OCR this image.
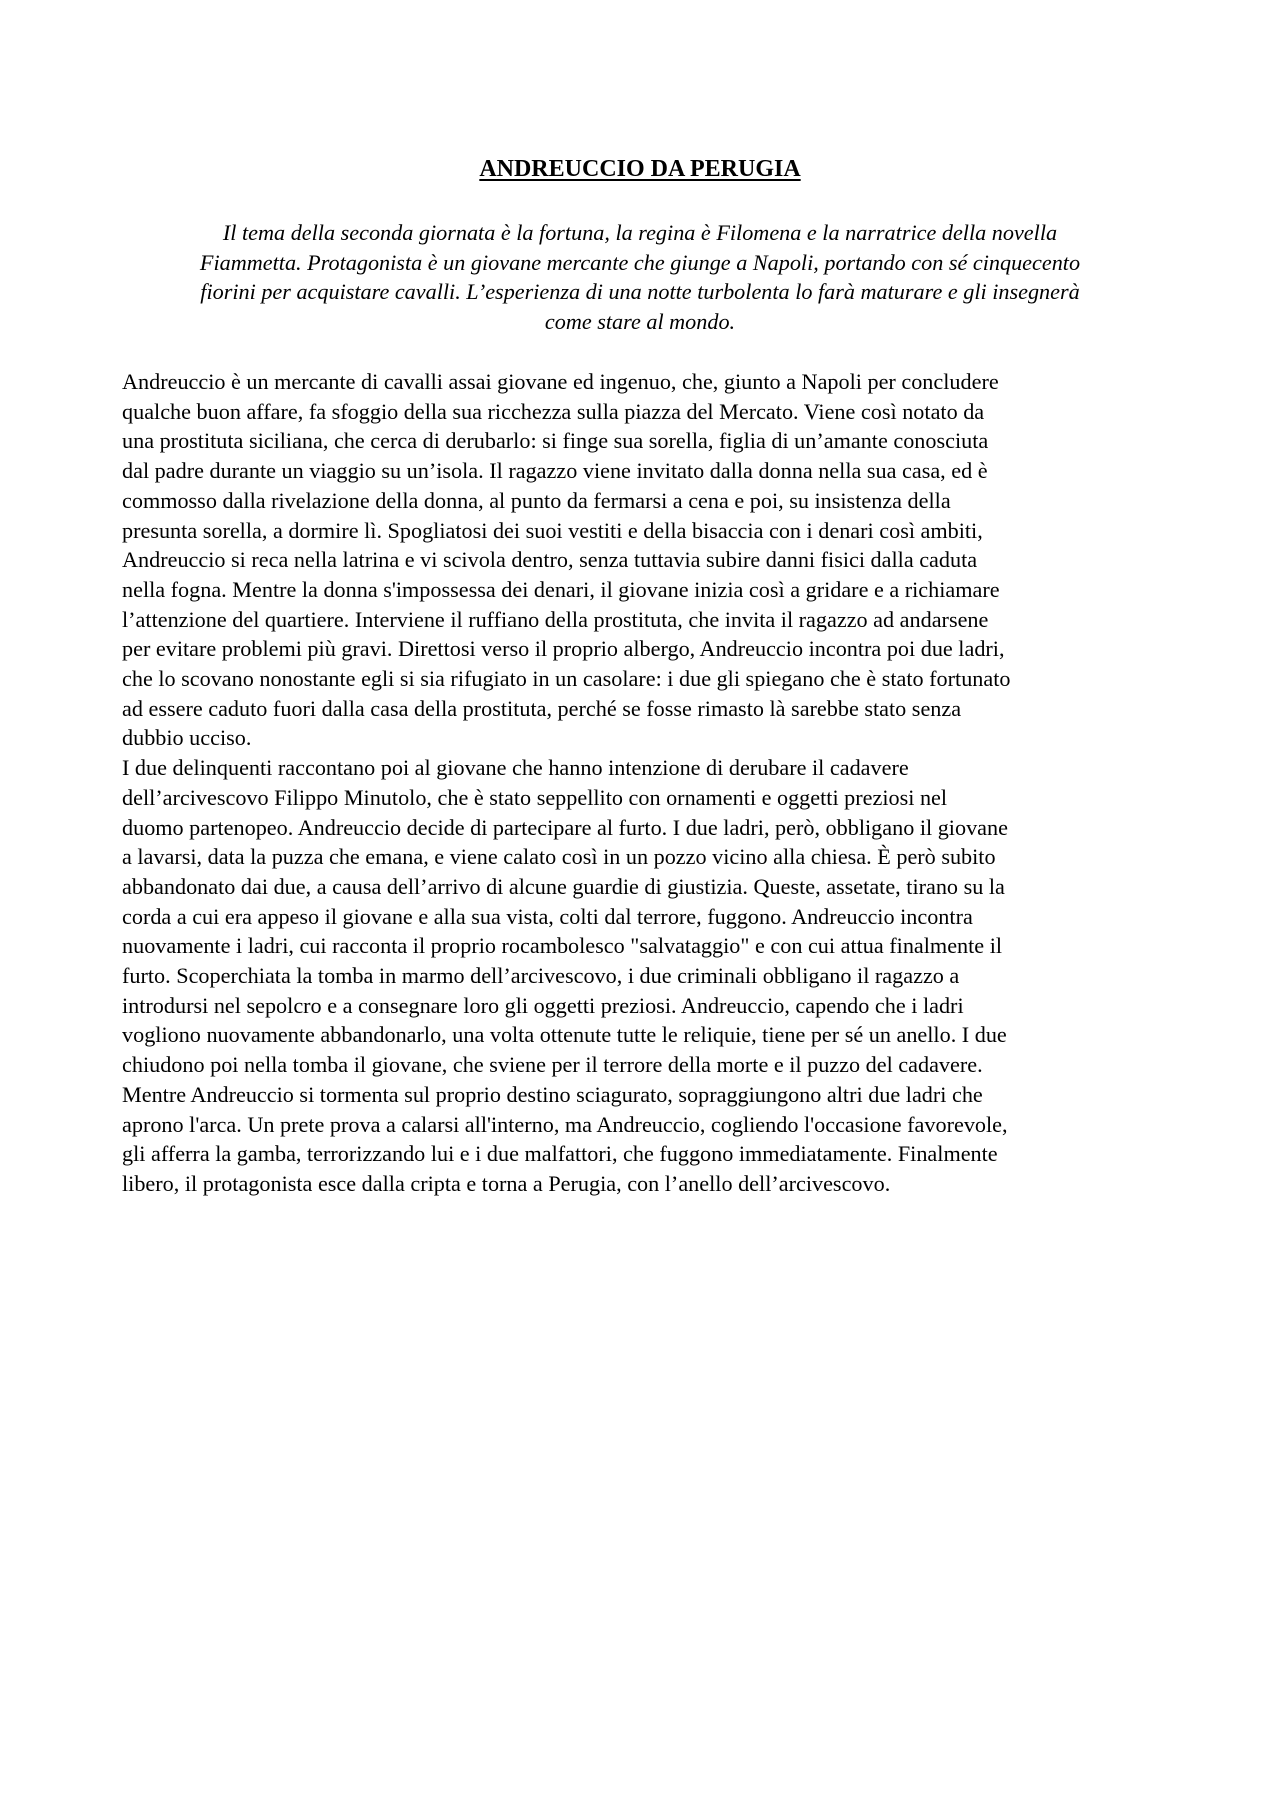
ANDREUCCIO DA PERUGIA
Il tema della seconda giornata è la fortuna, la regina è Filomena e la narratrice della novella
Fiammetta. Protagonista è un giovane mercante che giunge a Napoli, portando con sé cinquecento
fiorini per acquistare cavalli. L’esperienza di una notte turbolenta lo farà maturare e gli insegnerà
come stare al mondo.
Andreuccio è un mercante di cavalli assai giovane ed ingenuo, che, giunto a Napoli per concludere
qualche buon affare, fa sfoggio della sua ricchezza sulla piazza del Mercato. Viene così notato da
una prostituta siciliana, che cerca di derubarlo: si finge sua sorella, figlia di un’amante conosciuta
dal padre durante un viaggio su un’isola. Il ragazzo viene invitato dalla donna nella sua casa, ed è
commosso dalla rivelazione della donna, al punto da fermarsi a cena e poi, su insistenza della
presunta sorella, a dormire lì. Spogliatosi dei suoi vestiti e della bisaccia con i denari così ambiti,
Andreuccio si reca nella latrina e vi scivola dentro, senza tuttavia subire danni fisici dalla caduta
nella fogna. Mentre la donna s'impossessa dei denari, il giovane inizia così a gridare e a richiamare
l’attenzione del quartiere. Interviene il ruffiano della prostituta, che invita il ragazzo ad andarsene
per evitare problemi più gravi. Direttosi verso il proprio albergo, Andreuccio incontra poi due ladri,
che lo scovano nonostante egli si sia rifugiato in un casolare: i due gli spiegano che è stato fortunato
ad essere caduto fuori dalla casa della prostituta, perché se fosse rimasto là sarebbe stato senza
dubbio ucciso.
I due delinquenti raccontano poi al giovane che hanno intenzione di derubare il cadavere
dell’arcivescovo Filippo Minutolo, che è stato seppellito con ornamenti e oggetti preziosi nel
duomo partenopeo. Andreuccio decide di partecipare al furto. I due ladri, però, obbligano il giovane
a lavarsi, data la puzza che emana, e viene calato così in un pozzo vicino alla chiesa. È però subito
abbandonato dai due, a causa dell’arrivo di alcune guardie di giustizia. Queste, assetate, tirano su la
corda a cui era appeso il giovane e alla sua vista, colti dal terrore, fuggono. Andreuccio incontra
nuovamente i ladri, cui racconta il proprio rocambolesco "salvataggio" e con cui attua finalmente il
furto. Scoperchiata la tomba in marmo dell’arcivescovo, i due criminali obbligano il ragazzo a
introdursi nel sepolcro e a consegnare loro gli oggetti preziosi. Andreuccio, capendo che i ladri
vogliono nuovamente abbandonarlo, una volta ottenute tutte le reliquie, tiene per sé un anello. I due
chiudono poi nella tomba il giovane, che sviene per il terrore della morte e il puzzo del cadavere.
Mentre Andreuccio si tormenta sul proprio destino sciagurato, sopraggiungono altri due ladri che
aprono l'arca. Un prete prova a calarsi all'interno, ma Andreuccio, cogliendo l'occasione favorevole,
gli afferra la gamba, terrorizzando lui e i due malfattori, che fuggono immediatamente. Finalmente
libero, il protagonista esce dalla cripta e torna a Perugia, con l’anello dell’arcivescovo.
